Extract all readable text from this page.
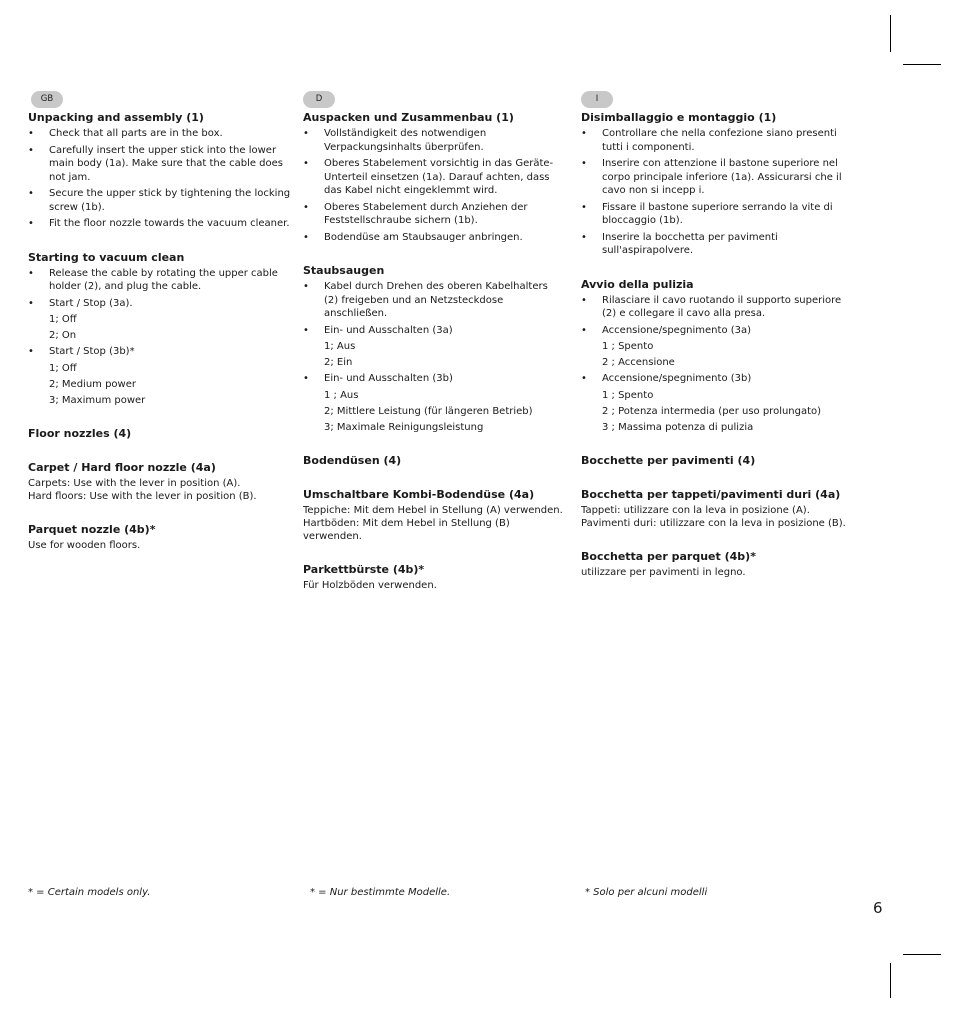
GB
Unpacking and assembly (1)
• Check that all parts are in the box.
• Carefully insert the upper stick into the lower main body (1a). Make sure that the cable does not jam.
• Secure the upper stick by tightening the locking screw (1b).
• Fit the floor nozzle towards the vacuum cleaner.
Starting to vacuum clean
• Release the cable by rotating the upper cable holder (2), and plug the cable.
• Start / Stop (3a).
1; Off
2; On
• Start / Stop (3b)*
1; Off
2; Medium power
3; Maximum power
Floor nozzles (4)
Carpet / Hard floor nozzle (4a)

Carpets: Use with the lever in position (A).

Hard floors: Use with the lever in position (B).

Parquet nozzle (4b)*

Use for wooden floors.

D
Auspacken und Zusammenbau (1)
• Vollständigkeit des notwendigen Verpackungsinhalts überprüfen.
• Oberes Stabelement vorsichtig in das Geräte-Unterteil einsetzen (1a). Darauf achten, dass das Kabel nicht eingeklemmt wird.
• Oberes Stabelement durch Anziehen der Feststellschraube sichern (1b).
• Bodendüse am Staubsauger anbringen.
Staubsaugen
• Kabel durch Drehen des oberen Kabelhalters (2) freigeben und an Netzsteckdose anschließen.
• Ein- und Ausschalten (3a)
1; Aus
2; Ein
• Ein- und Ausschalten (3b)
1 ; Aus
2; Mittlere Leistung (für längeren Betrieb)
3; Maximale Reinigungsleistung
Bodendüsen (4)
Umschaltbare Kombi-Bodendüse (4a)

Teppiche: Mit dem Hebel in Stellung (A) verwenden.

Hartböden: Mit dem Hebel in Stellung (B) verwenden.

Parkettbürste (4b)*

Für Holzböden verwenden.

I
Disimballaggio e montaggio (1)
• Controllare che nella confezione siano presenti tutti i componenti.
• Inserire con attenzione il bastone superiore nel corpo principale inferiore (1a). Assicurarsi che il cavo non si incepp i.
• Fissare il bastone superiore serrando la vite di bloccaggio (1b).
• Inserire la bocchetta per pavimenti sull'aspirapolvere.
Avvio della pulizia
• Rilasciare il cavo ruotando il supporto superiore (2) e collegare il cavo alla presa.
• Accensione/spegnimento (3a)
1 ; Spento
2 ; Accensione
• Accensione/spegnimento (3b)
1 ; Spento
2 ; Potenza intermedia (per uso prolungato)
3 ; Massima potenza di pulizia
Bocchette per pavimenti (4)
Bocchetta per tappeti/pavimenti duri (4a)

Tappeti: utilizzare con la leva in posizione (A).

Pavimenti duri: utilizzare con la leva in posizione (B).

Bocchetta per parquet (4b)*

utilizzare per pavimenti in legno.

* = Certain models only.	* = Nur bestimmte Modelle.	* Solo per alcuni modelli
6
